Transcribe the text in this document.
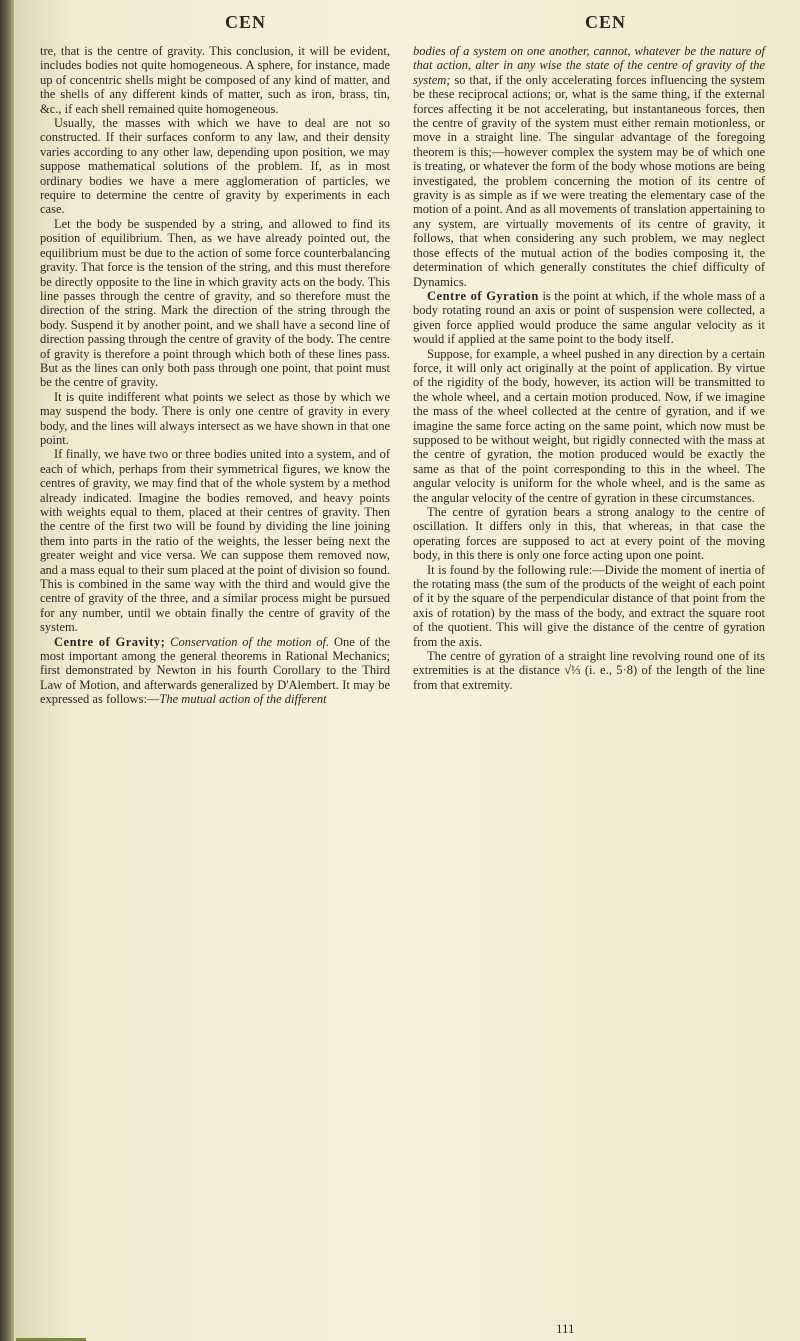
CEN	CEN

tre, that is the centre of gravity. This conclusion, it will be evident, includes bodies not quite homogeneous. A sphere, for instance, made up of concentric shells might be composed of any kind of matter, and the shells of any different kinds of matter, such as iron, brass, tin, &c., if each shell remained quite homogeneous.

Usually, the masses with which we have to deal are not so constructed. If their surfaces conform to any law, and their density varies according to any other law, depending upon position, we may suppose mathematical solutions of the problem. If, as in most ordinary bodies we have a mere agglomeration of particles, we require to determine the centre of gravity by experiments in each case.

Let the body be suspended by a string, and allowed to find its position of equilibrium. Then, as we have already pointed out, the equilibrium must be due to the action of some force counterbalancing gravity. That force is the tension of the string, and this must therefore be directly opposite to the line in which gravity acts on the body. This line passes through the centre of gravity, and so therefore must the direction of the string. Mark the direction of the string through the body. Suspend it by another point, and we shall have a second line of direction passing through the centre of gravity of the body. The centre of gravity is therefore a point through which both of these lines pass. But as the lines can only both pass through one point, that point must be the centre of gravity.

It is quite indifferent what points we select as those by which we may suspend the body. There is only one centre of gravity in every body, and the lines will always intersect as we have shown in that one point.

If finally, we have two or three bodies united into a system, and of each of which, perhaps from their symmetrical figures, we know the centres of gravity, we may find that of the whole system by a method already indicated. Imagine the bodies removed, and heavy points with weights equal to them, placed at their centres of gravity. Then the centre of the first two will be found by dividing the line joining them into parts in the ratio of the weights, the lesser being next the greater weight and vice versa. We can suppose them removed now, and a mass equal to their sum placed at the point of division so found. This is combined in the same way with the third and would give the centre of gravity of the three, and a similar process might be pursued for any number, until we obtain finally the centre of gravity of the system.

Centre of Gravity; Conservation of the motion of. One of the most important among the general theorems in Rational Mechanics; first demonstrated by Newton in his fourth Corollary to the Third Law of Motion, and afterwards generalized by D'Alembert. It may be expressed as follows:—The mutual action of the different

bodies of a system on one another, cannot, whatever be the nature of that action, alter in any wise the state of the centre of gravity of the system; so that, if the only accelerating forces influencing the system be these reciprocal actions; or, what is the same thing, if the external forces affecting it be not accelerating, but instantaneous forces, then the centre of gravity of the system must either remain motionless, or move in a straight line. The singular advantage of the foregoing theorem is this;—however complex the system may be of which one is treating, or whatever the form of the body whose motions are being investigated, the problem concerning the motion of its centre of gravity is as simple as if we were treating the elementary case of the motion of a point. And as all movements of translation appertaining to any system, are virtually movements of its centre of gravity, it follows, that when considering any such problem, we may neglect those effects of the mutual action of the bodies composing it, the determination of which generally constitutes the chief difficulty of Dynamics.

Centre of Gyration is the point at which, if the whole mass of a body rotating round an axis or point of suspension were collected, a given force applied would produce the same angular velocity as it would if applied at the same point to the body itself.

Suppose, for example, a wheel pushed in any direction by a certain force, it will only act originally at the point of application. By virtue of the rigidity of the body, however, its action will be transmitted to the whole wheel, and a certain motion produced. Now, if we imagine the mass of the wheel collected at the centre of gyration, and if we imagine the same force acting on the same point, which now must be supposed to be without weight, but rigidly connected with the mass at the centre of gyration, the motion produced would be exactly the same as that of the point corresponding to this in the wheel. The angular velocity is uniform for the whole wheel, and is the same as the angular velocity of the centre of gyration in these circumstances.

The centre of gyration bears a strong analogy to the centre of oscillation. It differs only in this, that whereas, in that case the operating forces are supposed to act at every point of the moving body, in this there is only one force acting upon one point.

It is found by the following rule:—Divide the moment of inertia of the rotating mass (the sum of the products of the weight of each point of it by the square of the perpendicular distance of that point from the axis of rotation) by the mass of the body, and extract the square root of the quotient. This will give the distance of the centre of gyration from the axis.

The centre of gyration of a straight line revolving round one of its extremities is at the distance √⅓ (i. e., 5·8) of the length of the line from that extremity.

111
